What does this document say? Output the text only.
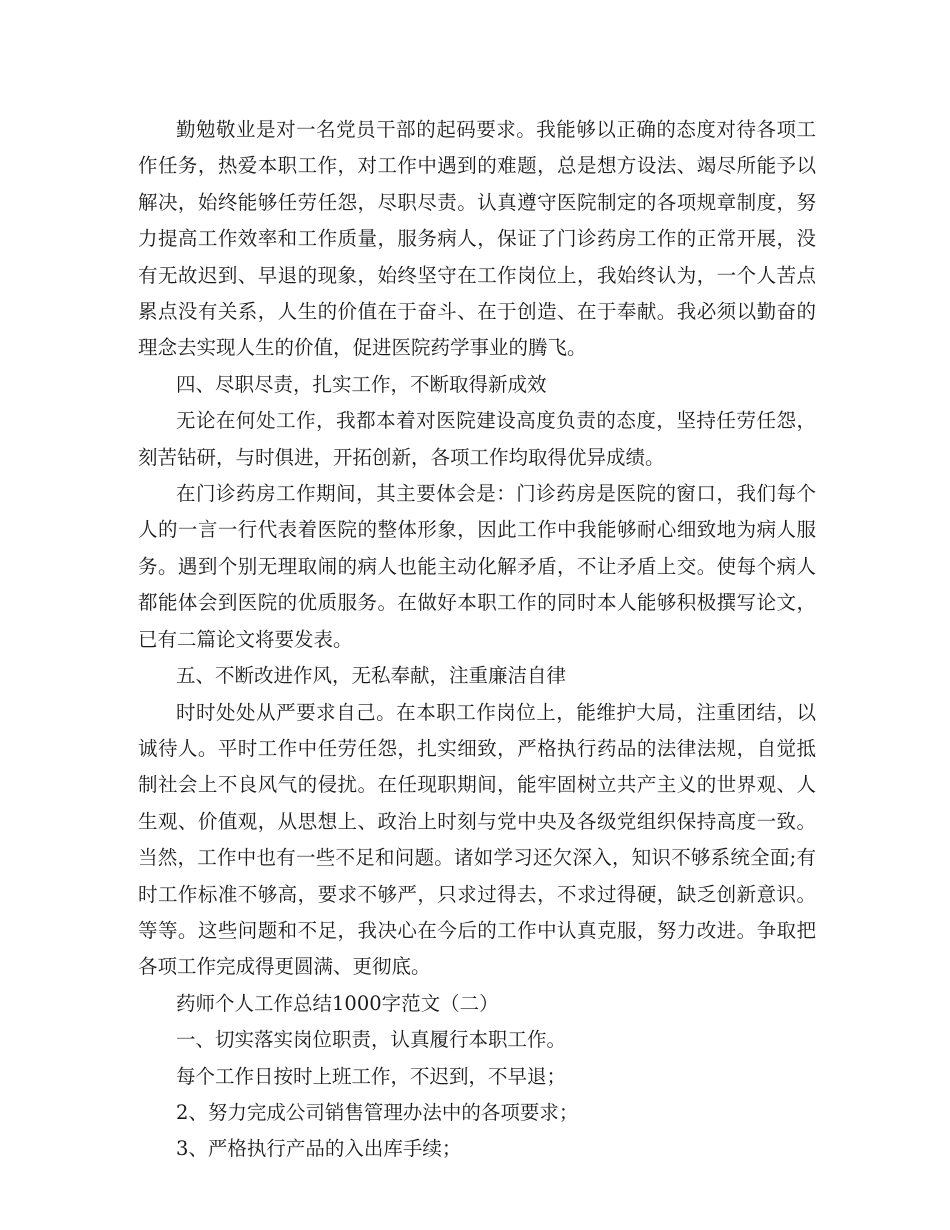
勤勉敬业是对一名党员干部的起码要求。我能够以正确的态度对待各项工作任务，热爱本职工作，对工作中遇到的难题，总是想方设法、竭尽所能予以解决，始终能够任劳任怨，尽职尽责。认真遵守医院制定的各项规章制度，努力提高工作效率和工作质量，服务病人，保证了门诊药房工作的正常开展，没有无故迟到、早退的现象，始终坚守在工作岗位上，我始终认为，一个人苦点累点没有关系，人生的价值在于奋斗、在于创造、在于奉献。我必须以勤奋的理念去实现人生的价值，促进医院药学事业的腾飞。

四、尽职尽责，扎实工作，不断取得新成效

无论在何处工作，我都本着对医院建设高度负责的态度，坚持任劳任怨，刻苦钻研，与时俱进，开拓创新，各项工作均取得优异成绩。

在门诊药房工作期间，其主要体会是：门诊药房是医院的窗口，我们每个人的一言一行代表着医院的整体形象，因此工作中我能够耐心细致地为病人服务。遇到个别无理取闹的病人也能主动化解矛盾，不让矛盾上交。使每个病人都能体会到医院的优质服务。在做好本职工作的同时本人能够积极撰写论文，已有二篇论文将要发表。

五、不断改进作风，无私奉献，注重廉洁自律

时时处处从严要求自己。在本职工作岗位上，能维护大局，注重团结，以诚待人。平时工作中任劳任怨，扎实细致，严格执行药品的法律法规，自觉抵制社会上不良风气的侵扰。在任现职期间，能牢固树立共产主义的世界观、人生观、价值观，从思想上、政治上时刻与党中央及各级党组织保持高度一致。当然，工作中也有一些不足和问题。诸如学习还欠深入，知识不够系统全面;有时工作标准不够高，要求不够严，只求过得去，不求过得硬，缺乏创新意识。等等。这些问题和不足，我决心在今后的工作中认真克服，努力改进。争取把各项工作完成得更圆满、更彻底。

药师个人工作总结1000字范文（二）

一、切实落实岗位职责，认真履行本职工作。

每个工作日按时上班工作，不迟到，不早退；

2、努力完成公司销售管理办法中的各项要求；

3、严格执行产品的入出库手续；
